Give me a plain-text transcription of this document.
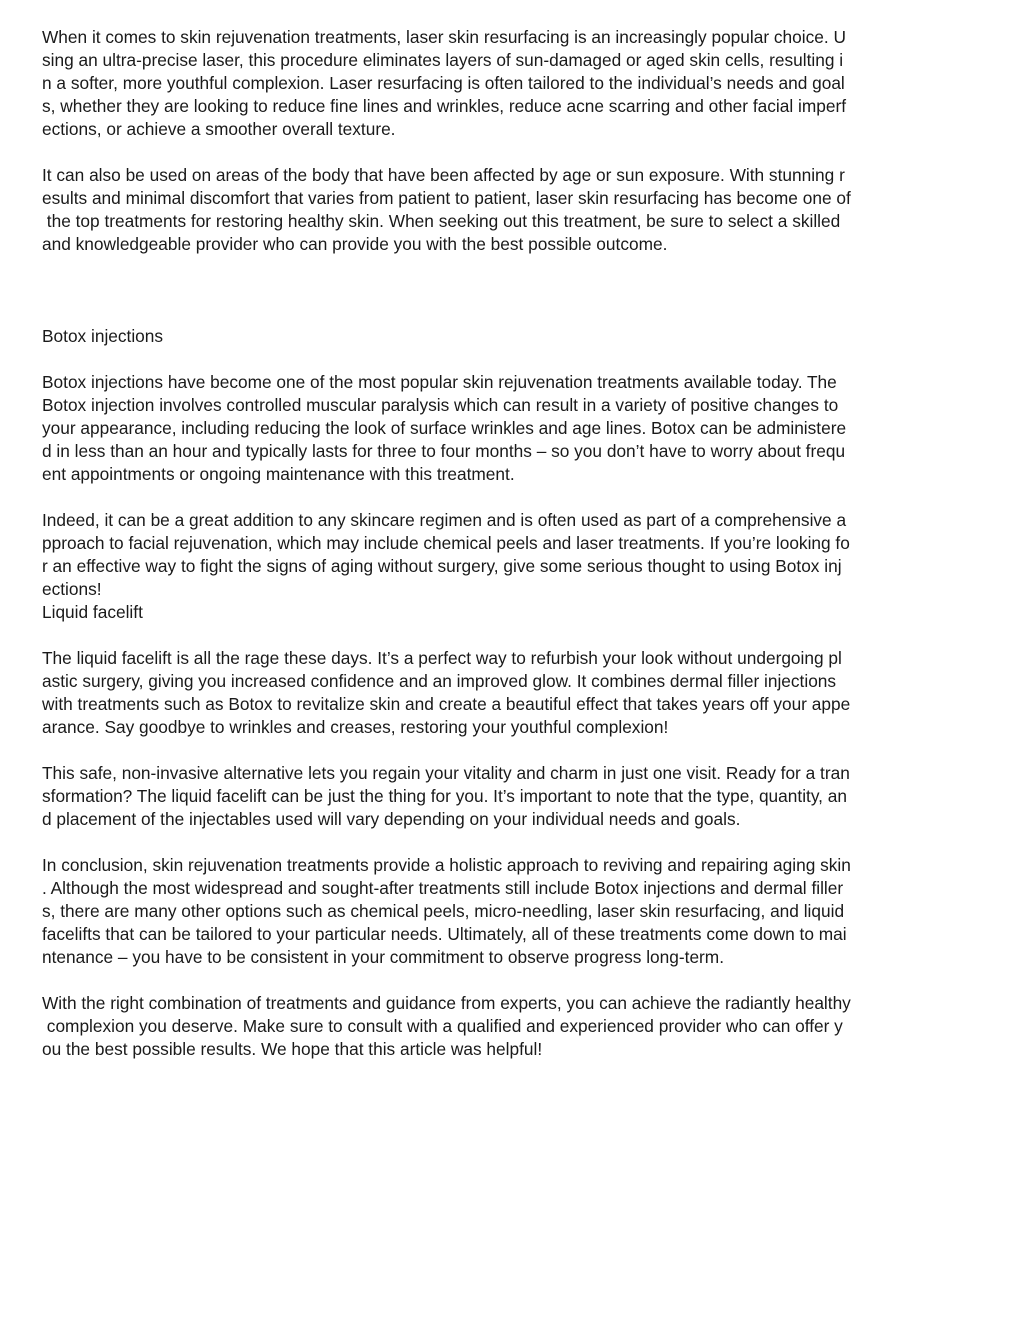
When it comes to skin rejuvenation treatments, laser skin resurfacing is an increasingly popular choice. U
sing an ultra-precise laser, this procedure eliminates layers of sun-damaged or aged skin cells, resulting i
n a softer, more youthful complexion. Laser resurfacing is often tailored to the individual’s needs and goal
s, whether they are looking to reduce fine lines and wrinkles, reduce acne scarring and other facial imperf
ections, or achieve a smoother overall texture.
It can also be used on areas of the body that have been affected by age or sun exposure. With stunning r
esults and minimal discomfort that varies from patient to patient, laser skin resurfacing has become one of
the top treatments for restoring healthy skin. When seeking out this treatment, be sure to select a skilled
and knowledgeable provider who can provide you with the best possible outcome.
Botox injections
Botox injections have become one of the most popular skin rejuvenation treatments available today. The
Botox injection involves controlled muscular paralysis which can result in a variety of positive changes to
your appearance, including reducing the look of surface wrinkles and age lines. Botox can be administere
d in less than an hour and typically lasts for three to four months – so you don’t have to worry about frequ
ent appointments or ongoing maintenance with this treatment.
Indeed, it can be a great addition to any skincare regimen and is often used as part of a comprehensive a
pproach to facial rejuvenation, which may include chemical peels and laser treatments. If you’re looking fo
r an effective way to fight the signs of aging without surgery, give some serious thought to using Botox inj
ections!
Liquid facelift
The liquid facelift is all the rage these days. It’s a perfect way to refurbish your look without undergoing pl
astic surgery, giving you increased confidence and an improved glow. It combines dermal filler injections
with treatments such as Botox to revitalize skin and create a beautiful effect that takes years off your appe
arance. Say goodbye to wrinkles and creases, restoring your youthful complexion!
This safe, non-invasive alternative lets you regain your vitality and charm in just one visit. Ready for a tran
sformation? The liquid facelift can be just the thing for you. It’s important to note that the type, quantity, an
d placement of the injectables used will vary depending on your individual needs and goals.
In conclusion, skin rejuvenation treatments provide a holistic approach to reviving and repairing aging skin
. Although the most widespread and sought-after treatments still include Botox injections and dermal filler
s, there are many other options such as chemical peels, micro-needling, laser skin resurfacing, and liquid
facelifts that can be tailored to your particular needs. Ultimately, all of these treatments come down to mai
ntenance – you have to be consistent in your commitment to observe progress long-term.
With the right combination of treatments and guidance from experts, you can achieve the radiantly healthy
complexion you deserve. Make sure to consult with a qualified and experienced provider who can offer y
ou the best possible results. We hope that this article was helpful!
